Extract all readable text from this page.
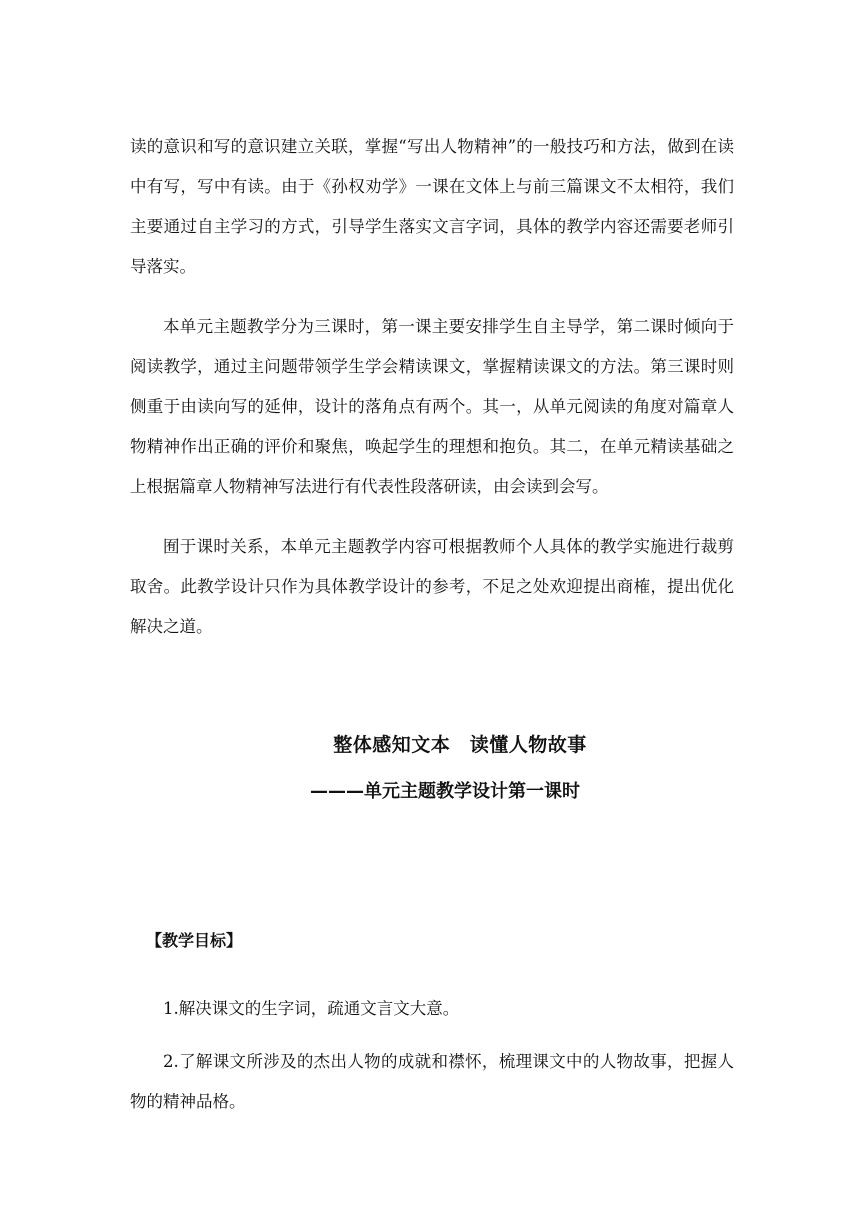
读的意识和写的意识建立关联，掌握“写出人物精神”的一般技巧和方法，做到在读中有写，写中有读。由于《孙权劝学》一课在文体上与前三篇课文不太相符，我们主要通过自主学习的方式，引导学生落实文言字词，具体的教学内容还需要老师引导落实。

本单元主题教学分为三课时，第一课主要安排学生自主导学，第二课时倾向于阅读教学，通过主问题带领学生学会精读课文，掌握精读课文的方法。第三课时则侧重于由读向写的延伸，设计的落角点有两个。其一，从单元阅读的角度对篇章人物精神作出正确的评价和聚焦，唤起学生的理想和抱负。其二，在单元精读基础之上根据篇章人物精神写法进行有代表性段落研读，由会读到会写。

囿于课时关系，本单元主题教学内容可根据教师个人具体的教学实施进行裁剪取舍。此教学设计只作为具体教学设计的参考，不足之处欢迎提出商榷，提出优化解决之道。

整体感知文本　读懂人物故事
———单元主题教学设计第一课时
【教学目标】

1.解决课文的生字词，疏通文言文大意。

2.了解课文所涉及的杰出人物的成就和襟怀，梳理课文中的人物故事，把握人物的精神品格。
